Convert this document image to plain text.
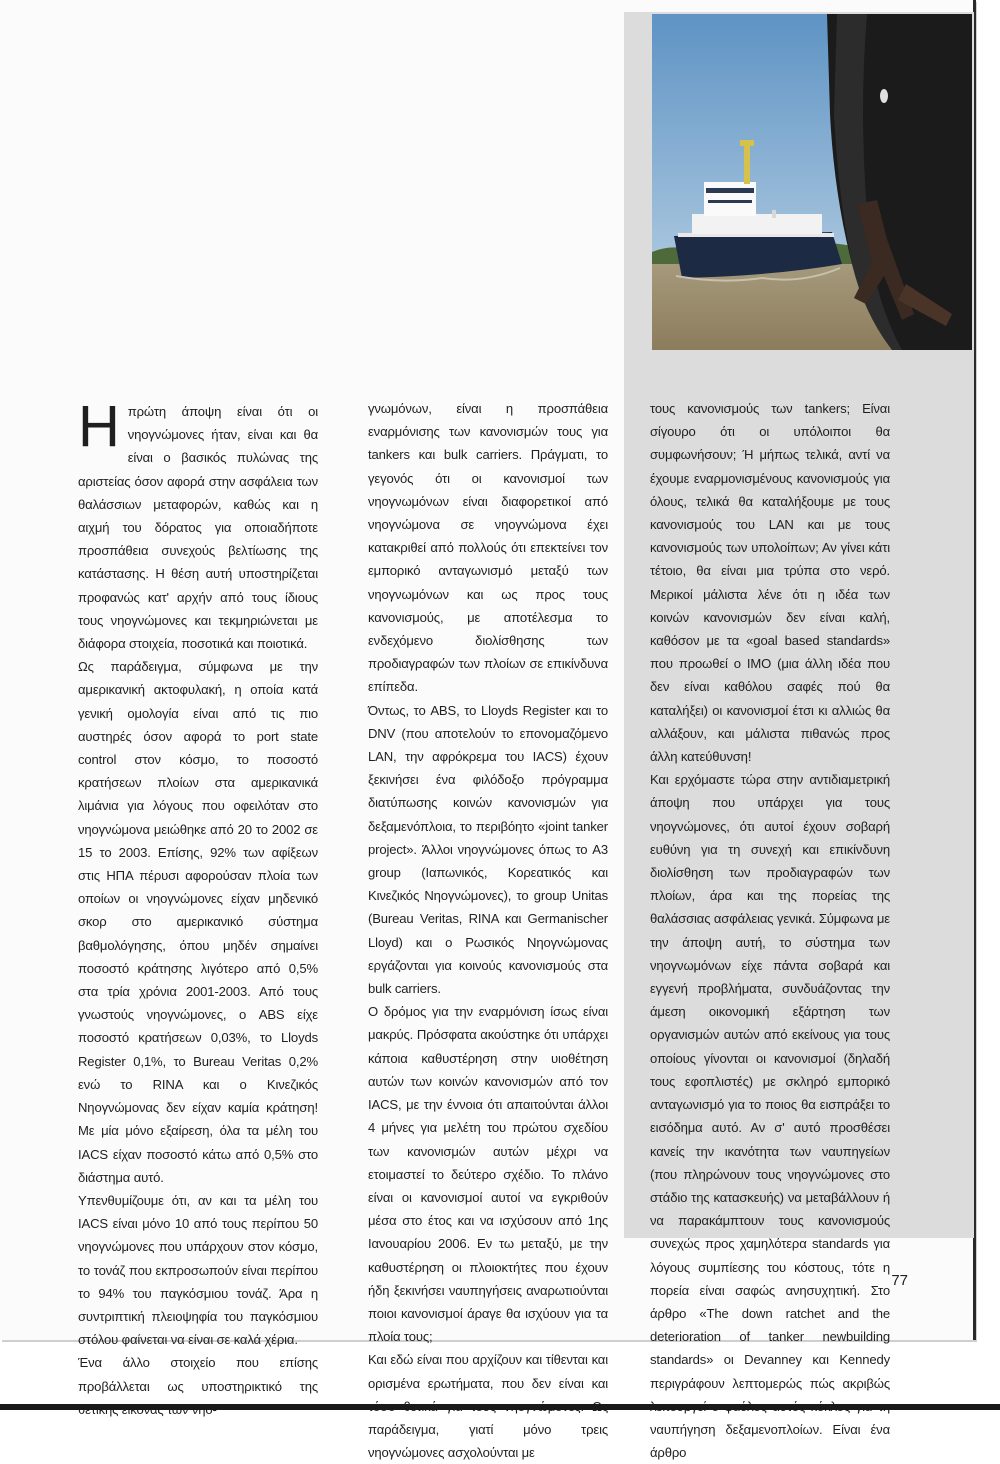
Η πρώτη άποψη είναι ότι οι νηογνώμονες ήταν, είναι και θα είναι ο βασικός πυλώνας της αριστείας όσον αφορά στην ασφάλεια των θαλάσσιων μεταφορών, καθώς και η αιχμή του δόρατος για οποιαδήποτε προσπάθεια συνεχούς βελτίωσης της κατάστασης. Η θέση αυτή υποστηρίζεται προφανώς κατ' αρχήν από τους ίδιους τους νηογνώμονες και τεκμηριώνεται με διάφορα στοιχεία, ποσοτικά και ποιοτικά.

Ως παράδειγμα, σύμφωνα με την αμερικανική ακτοφυλακή, η οποία κατά γενική ομολογία είναι από τις πιο αυστηρές όσον αφορά το port state control στον κόσμο, το ποσοστό κρατήσεων πλοίων στα αμερικανικά λιμάνια για λόγους που οφειλόταν στο νηογνώμονα μειώθηκε από 20 το 2002 σε 15 το 2003. Επίσης, 92% των αφίξεων στις ΗΠΑ πέρυσι αφορούσαν πλοία των οποίων οι νηογνώμονες είχαν μηδενικό σκορ στο αμερικανικό σύστημα βαθμολόγησης, όπου μηδέν σημαίνει ποσοστό κράτησης λιγότερο από 0,5% στα τρία χρόνια 2001-2003. Από τους γνωστούς νηογνώμονες, ο ABS είχε ποσοστό κρατήσεων 0,03%, το Lloyds Register 0,1%, το Bureau Veritas 0,2% ενώ το RINA και ο Κινεζικός Νηογνώμονας δεν είχαν καμία κράτηση! Με μία μόνο εξαίρεση, όλα τα μέλη του IACS είχαν ποσοστό κάτω από 0,5% στο διάστημα αυτό.

Υπενθυμίζουμε ότι, αν και τα μέλη του IACS είναι μόνο 10 από τους περίπου 50 νηογνώμονες που υπάρχουν στον κόσμο, το τονάζ που εκπροσωπούν είναι περίπου το 94% του παγκόσμιου τονάζ. Άρα η συντριπτική πλειοψηφία του παγκόσμιου στόλου φαίνεται να είναι σε καλά χέρια.

Ένα άλλο στοιχείο που επίσης προβάλλεται ως υποστηρικτικό της

γνωμόνων, είναι η προσπάθεια εναρμόνισης των κανονισμών τους για tankers και bulk carriers. Πράγματι, το γεγονός ότι οι κανονισμοί των νηογνωμόνων είναι διαφορετικοί από νηογνώμονα σε νηογνώμονα έχει κατακριθεί από πολλούς ότι επεκτείνει τον εμπορικό ανταγωνισμό μεταξύ των νηογνωμόνων και ως προς τους κανονισμούς, με αποτέλεσμα το ενδεχόμενο διολίσθησης των προδιαγραφών των πλοίων σε επικίνδυνα επίπεδα.

Όντως, το ABS, το Lloyds Register και το DNV (που αποτελούν το επονομαζόμενο LAN, την αφρόκρεμα του IACS) έχουν ξεκινήσει ένα φιλόδοξο πρόγραμμα διατύπωσης κοινών κανονισμών για δεξαμενόπλοια, το περιβόητο «joint tanker project». Άλλοι νηογνώμονες όπως το A3 group (Ιαπωνικός, Κορεατικός και Κινεζικός Νηογνώμονες), το group Unitas (Bureau Veritas, RINA και Germanischer Lloyd) και ο Ρωσικός Νηογνώμονας εργάζονται για κοινούς κανονισμούς στα bulk carriers.

Ο δρόμος για την εναρμόνιση ίσως είναι μακρύς. Πρόσφατα ακούστηκε ότι υπάρχει κάποια καθυστέρηση στην υιοθέτηση αυτών των κοινών κανονισμών από τον IACS, με την έννοια ότι απαιτούνται άλλοι 4 μήνες για μελέτη του πρώτου σχεδίου των κανονισμών αυτών μέχρι να ετοιμαστεί το δεύτερο σχέδιο. Το πλάνο είναι οι κανονισμοί αυτοί να εγκριθούν μέσα στο έτος και να ισχύσουν από 1ης Ιανουαρίου 2006. Εν τω μεταξύ, με την καθυστέρηση οι πλοιοκτήτες που έχουν ήδη ξεκινήσει ναυπηγήσεις αναρωτιούνται ποιοι κανονισμοί άραγε θα ισχύουν για τα πλοία τους;

Και εδώ είναι που αρχίζουν και τίθενται και ορισμένα ερωτήματα, που δεν είναι και παράδειγμα, γιατί μόνο τρεις νηογνώμονες ασχολούνται με

τους κανονισμούς των tankers; Είναι σίγουρο ότι οι υπόλοιποι θα συμφωνήσουν; Ή μήπως τελικά, αντί να έχουμε εναρμονισμένους κανονισμούς για όλους, τελικά θα καταλήξουμε με τους κανονισμούς του LAN και με τους κανονισμούς των υπολοίπων; Αν γίνει κάτι τέτοιο, θα είναι μια τρύπα στο νερό. Μερικοί μάλιστα λένε ότι η ιδέα των κοινών κανονισμών δεν είναι καλή, καθόσον με τα «goal based standards» που προωθεί ο IMO (μια άλλη ιδέα που δεν είναι καθόλου σαφές πού θα καταλήξει) οι κανονισμοί έτσι κι αλλιώς θα αλλάξουν, και μάλιστα πιθανώς προς άλλη κατεύθυνση!

Και ερχόμαστε τώρα στην αντιδιαμετρική άποψη που υπάρχει για τους νηογνώμονες, ότι αυτοί έχουν σοβαρή ευθύνη για τη συνεχή και επικίνδυνη διολίσθηση των προδιαγραφών των πλοίων, άρα και της πορείας της θαλάσσιας ασφάλειας γενικά. Σύμφωνα με την άποψη αυτή, το σύστημα των νηογνωμόνων είχε πάντα σοβαρά και εγγενή προβλήματα, συνδυάζοντας την άμεση οικονομική εξάρτηση των οργανισμών αυτών από εκείνους για τους οποίους γίνονται οι κανονισμοί (δηλαδή τους εφοπλιστές) με σκληρό εμπορικό ανταγωνισμό για το ποιος θα εισπράξει το εισόδημα αυτό. Αν σ' αυτό προσθέσει κανείς την ικανότητα των ναυπηγείων (που πληρώνουν τους νηογνώμονες στο στάδιο της κατασκευής) να μεταβάλλουν ή να παρακάμπτουν τους κανονισμούς συνεχώς προς χαμηλότερα standards για λόγους συμπίεσης του κόστους, τότε η πορεία είναι σαφώς ανησυχητική. Στο άρθρο «The down ratchet and the deterioration of tanker newbuilding standards» οι Devanney και Kennedy περιγράφουν λεπτομερώς πώς ακριβώς ναυπήγηση δεξαμενοπλοίων. Είναι ένα άρθρο

77
